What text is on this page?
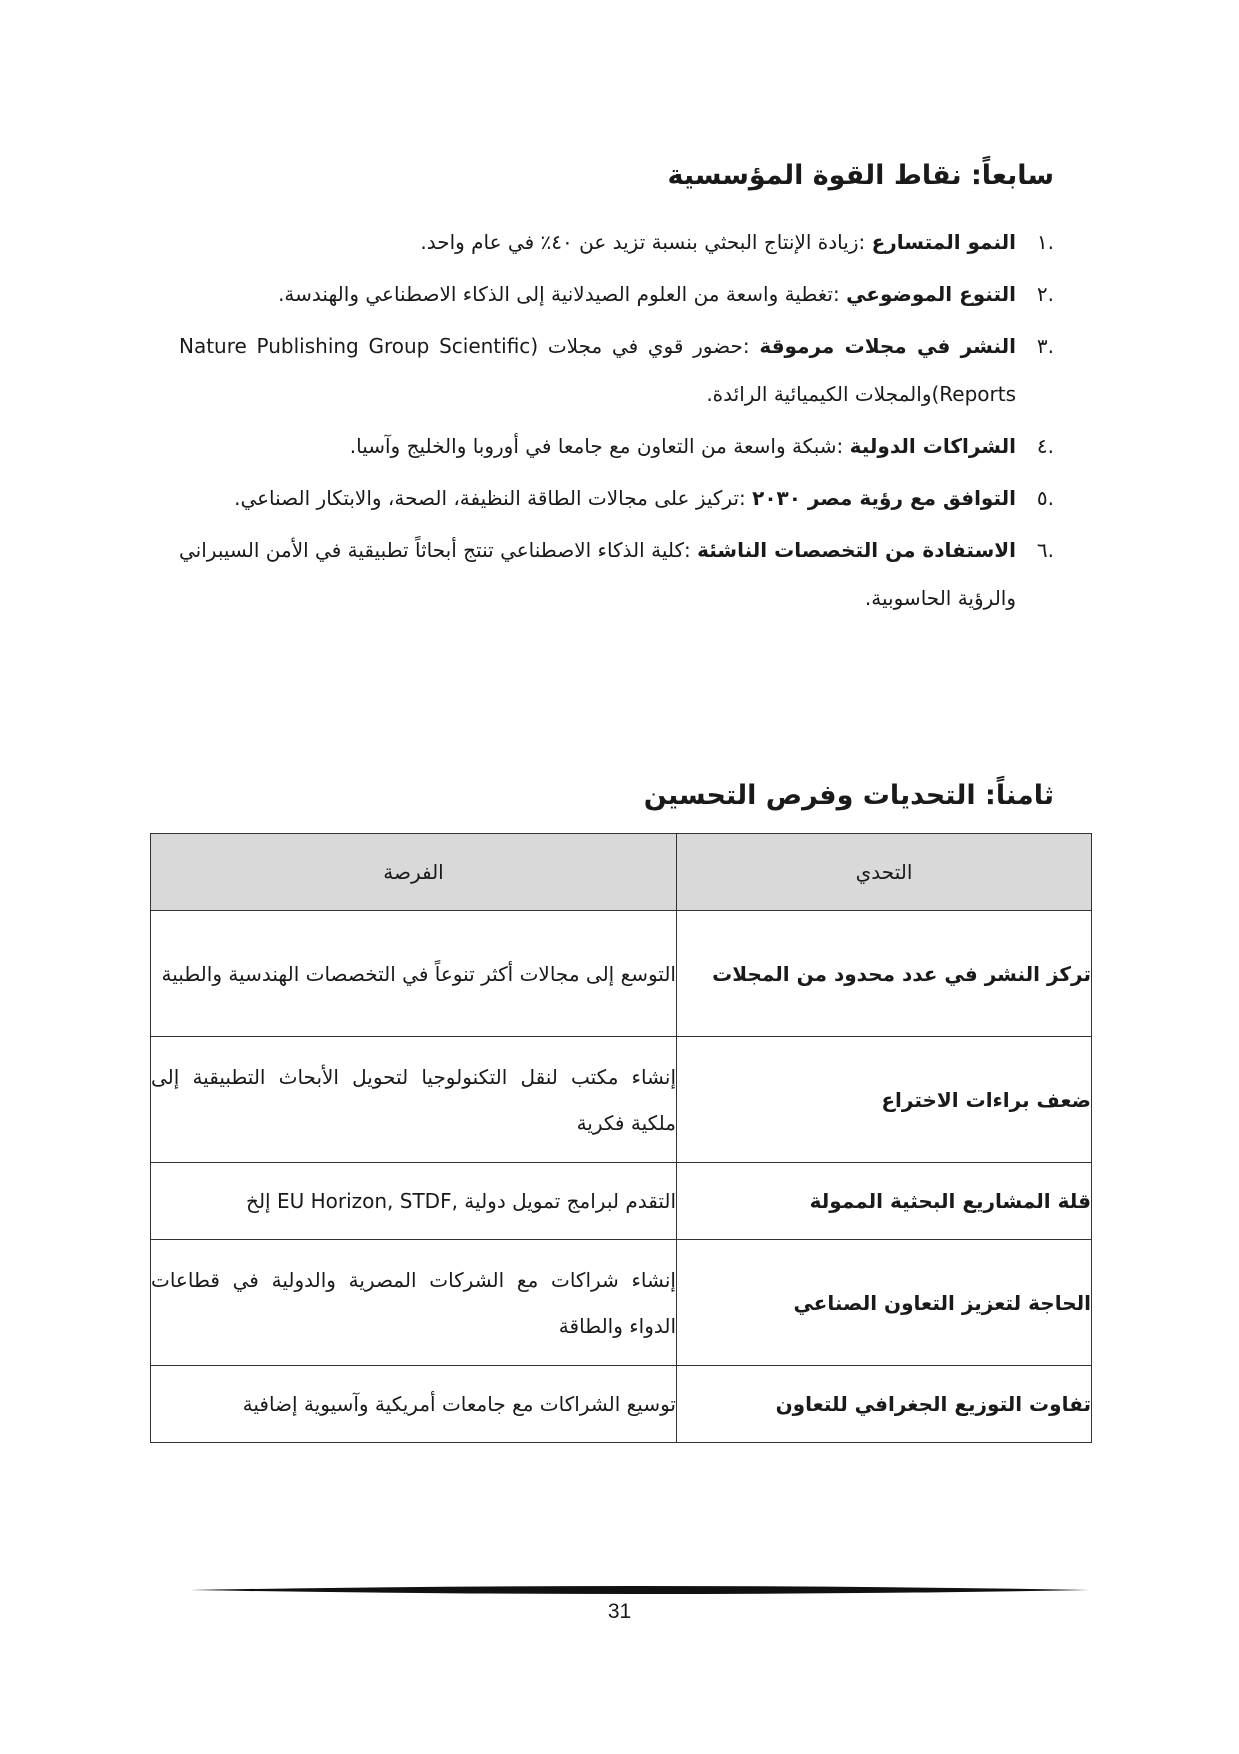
سابعاً: نقاط القوة المؤسسية
.١
النمو المتسارع :زيادة الإنتاج البحثي بنسبة تزيد عن ٤٠٪ في عام واحد.
.٢
التنوع الموضوعي :تغطية واسعة من العلوم الصيدلانية إلى الذكاء الاصطناعي والهندسة.
.٣
النشر في مجلات مرموقة :حضور قوي في مجلات (Nature Publishing Group Scientific Reports)والمجلات الكيميائية الرائدة.
.٤
الشراكات الدولية :شبكة واسعة من التعاون مع جامعا في أوروبا والخليج وآسيا.
.٥
التوافق مع رؤية مصر ٢٠٣٠ :تركيز على مجالات الطاقة النظيفة، الصحة، والابتكار الصناعي.
.٦
الاستفادة من التخصصات الناشئة :كلية الذكاء الاصطناعي تنتج أبحاثاً تطبيقية في الأمن السيبراني والرؤية الحاسوبية.
ثامناً: التحديات وفرص التحسين
التحدي	الفرصة
تركز النشر في عدد محدود من المجلات	التوسع إلى مجالات أكثر تنوعاً في التخصصات الهندسية والطبية
ضعف براءات الاختراع	إنشاء مكتب لنقل التكنولوجيا لتحويل الأبحاث التطبيقية إلى ملكية فكرية
قلة المشاريع البحثية الممولة	التقدم لبرامج تمويل دولية ,EU Horizon, STDF إلخ
الحاجة لتعزيز التعاون الصناعي	إنشاء شراكات مع الشركات المصرية والدولية في قطاعات الدواء والطاقة
تفاوت التوزيع الجغرافي للتعاون	توسيع الشراكات مع جامعات أمريكية وآسيوية إضافية
31
